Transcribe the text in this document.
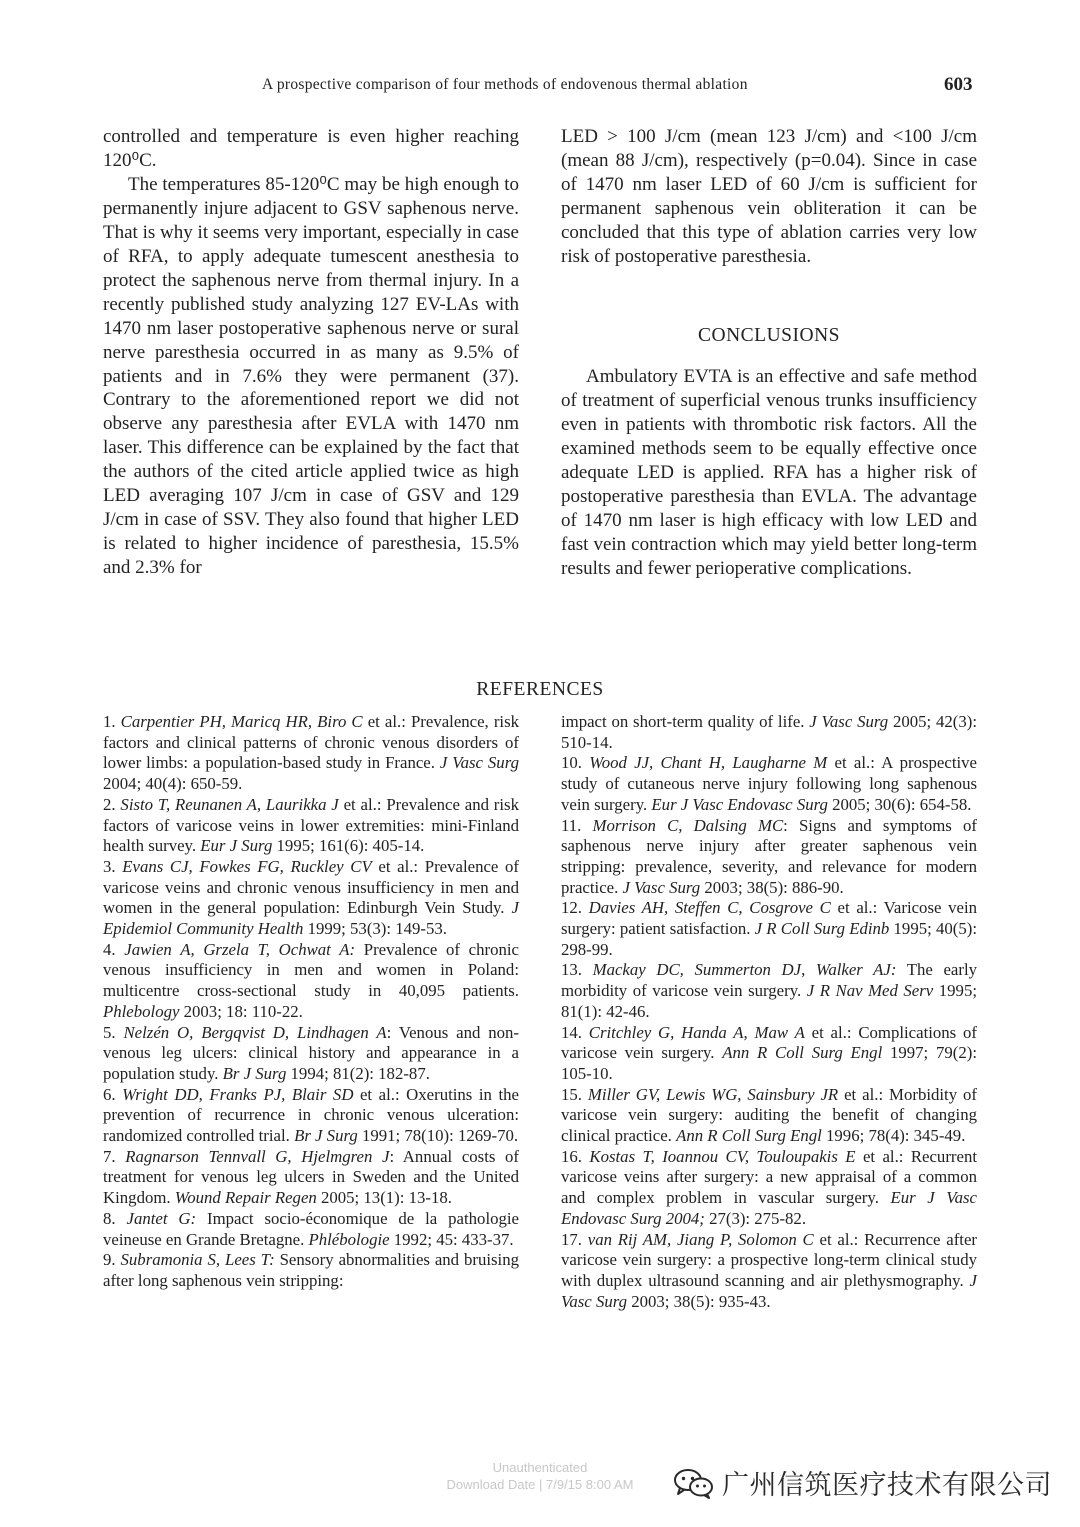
A prospective comparison of four methods of endovenous thermal ablation	603

controlled and temperature is even higher reaching 120⁰C.

The temperatures 85-120⁰C may be high enough to permanently injure adjacent to GSV saphenous nerve. That is why it seems very important, especially in case of RFA, to apply adequate tumescent anesthesia to protect the saphenous nerve from thermal injury. In a recently published study analyzing 127 EV-LAs with 1470 nm laser postoperative saphenous nerve or sural nerve paresthesia occurred in as many as 9.5% of patients and in 7.6% they were permanent (37). Contrary to the aforementioned report we did not observe any paresthesia after EVLA with 1470 nm laser. This difference can be explained by the fact that the authors of the cited article applied twice as high LED averaging 107 J/cm in case of GSV and 129 J/cm in case of SSV. They also found that higher LED is related to higher incidence of paresthesia, 15.5% and 2.3% for

LED > 100 J/cm (mean 123 J/cm) and <100 J/cm (mean 88 J/cm), respectively (p=0.04). Since in case of 1470 nm laser LED of 60 J/cm is sufficient for permanent saphenous vein obliteration it can be concluded that this type of ablation carries very low risk of postoperative paresthesia.

CONCLUSIONS

Ambulatory EVTA is an effective and safe method of treatment of superficial venous trunks insufficiency even in patients with thrombotic risk factors. All the examined methods seem to be equally effective once adequate LED is applied. RFA has a higher risk of postoperative paresthesia than EVLA. The advantage of 1470 nm laser is high efficacy with low LED and fast vein contraction which may yield better long-term results and fewer perioperative complications.

REFERENCES

1. Carpentier PH, Maricq HR, Biro C et al.: Prevalence, risk factors and clinical patterns of chronic venous disorders of lower limbs: a population-based study in France. J Vasc Surg 2004; 40(4): 650-59.

2. Sisto T, Reunanen A, Laurikka J et al.: Prevalence and risk factors of varicose veins in lower extremities: mini-Finland health survey. Eur J Surg 1995; 161(6): 405-14.

3. Evans CJ, Fowkes FG, Ruckley CV et al.: Prevalence of varicose veins and chronic venous insufficiency in men and women in the general population: Edinburgh Vein Study. J Epidemiol Community Health 1999; 53(3): 149-53.

4. Jawien A, Grzela T, Ochwat A: Prevalence of chronic venous insufficiency in men and women in Poland: multicentre cross-sectional study in 40,095 patients. Phlebology 2003; 18: 110-22.

5. Nelzén O, Bergqvist D, Lindhagen A: Venous and non-venous leg ulcers: clinical history and appearance in a population study. Br J Surg 1994; 81(2): 182-87.

6. Wright DD, Franks PJ, Blair SD et al.: Oxerutins in the prevention of recurrence in chronic venous ulceration: randomized controlled trial. Br J Surg 1991; 78(10): 1269-70.

7. Ragnarson Tennvall G, Hjelmgren J: Annual costs of treatment for venous leg ulcers in Sweden and the United Kingdom. Wound Repair Regen 2005; 13(1): 13-18.

8. Jantet G: Impact socio-économique de la pathologie veineuse en Grande Bretagne. Phlébologie 1992; 45: 433-37.

9. Subramonia S, Lees T: Sensory abnormalities and bruising after long saphenous vein stripping:

impact on short-term quality of life. J Vasc Surg 2005; 42(3): 510-14.

10. Wood JJ, Chant H, Laugharne M et al.: A prospective study of cutaneous nerve injury following long saphenous vein surgery. Eur J Vasc Endovasc Surg 2005; 30(6): 654-58.

11. Morrison C, Dalsing MC: Signs and symptoms of saphenous nerve injury after greater saphenous vein stripping: prevalence, severity, and relevance for modern practice. J Vasc Surg 2003; 38(5): 886-90.

12. Davies AH, Steffen C, Cosgrove C et al.: Varicose vein surgery: patient satisfaction. J R Coll Surg Edinb 1995; 40(5): 298-99.

13. Mackay DC, Summerton DJ, Walker AJ: The early morbidity of varicose vein surgery. J R Nav Med Serv 1995; 81(1): 42-46.

14. Critchley G, Handa A, Maw A et al.: Complications of varicose vein surgery. Ann R Coll Surg Engl 1997; 79(2): 105-10.

15. Miller GV, Lewis WG, Sainsbury JR et al.: Morbidity of varicose vein surgery: auditing the benefit of changing clinical practice. Ann R Coll Surg Engl 1996; 78(4): 345-49.

16. Kostas T, Ioannou CV, Touloupakis E et al.: Recurrent varicose veins after surgery: a new appraisal of a common and complex problem in vascular surgery. Eur J Vasc Endovasc Surg 2004; 27(3): 275-82.

17. van Rij AM, Jiang P, Solomon C et al.: Recurrence after varicose vein surgery: a prospective long-term clinical study with duplex ultrasound scanning and air plethysmography. J Vasc Surg 2003; 38(5): 935-43.

Unauthenticated
Download Date | 7/9/15 8:00 AM	广州信筑医疗技术有限公司
